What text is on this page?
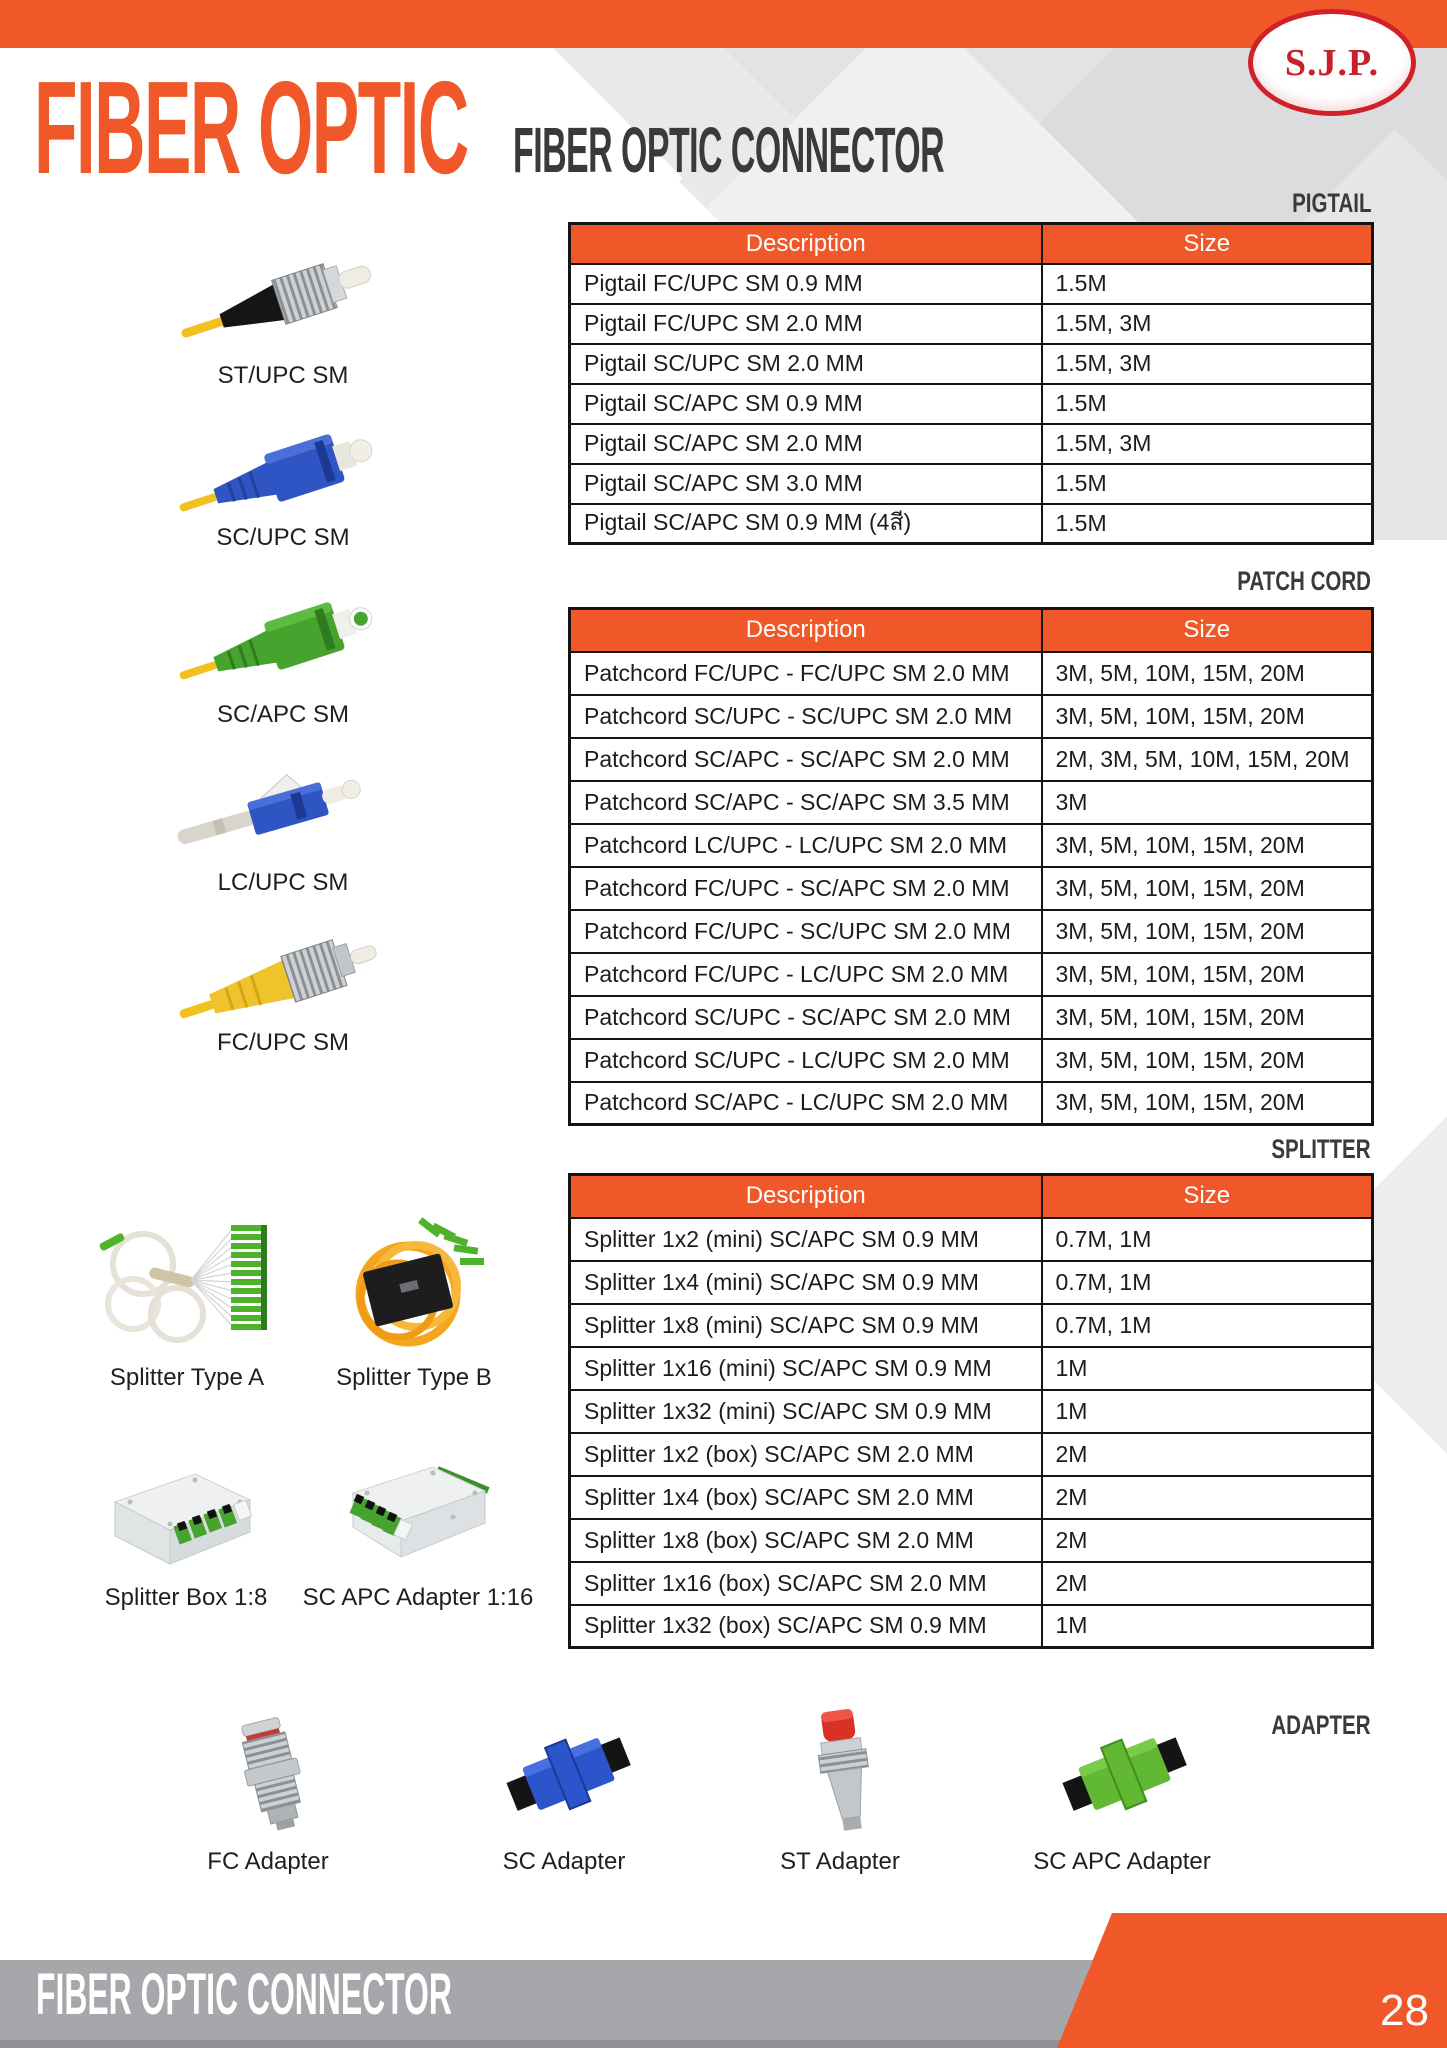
S.J.P.
FIBER OPTIC FIBER OPTIC CONNECTOR
PIGTAIL
PATCH CORD
SPLITTER
ADAPTER
Description	Size
Pigtail FC/UPC SM 0.9 MM	1.5M
Pigtail FC/UPC SM 2.0 MM	1.5M, 3M
Pigtail SC/UPC SM 2.0 MM	1.5M, 3M
Pigtail SC/APC SM 0.9 MM	1.5M
Pigtail SC/APC SM 2.0 MM	1.5M, 3M
Pigtail SC/APC SM 3.0 MM	1.5M
Pigtail SC/APC SM 0.9 MM (4สี)	1.5M
Description	Size
Patchcord FC/UPC - FC/UPC SM 2.0 MM	3M, 5M, 10M, 15M, 20M
Patchcord SC/UPC - SC/UPC SM 2.0 MM	3M, 5M, 10M, 15M, 20M
Patchcord SC/APC - SC/APC SM 2.0 MM	2M, 3M, 5M, 10M, 15M, 20M
Patchcord SC/APC - SC/APC SM 3.5 MM	3M
Patchcord LC/UPC - LC/UPC SM 2.0 MM	3M, 5M, 10M, 15M, 20M
Patchcord FC/UPC - SC/APC SM 2.0 MM	3M, 5M, 10M, 15M, 20M
Patchcord FC/UPC - SC/UPC SM 2.0 MM	3M, 5M, 10M, 15M, 20M
Patchcord FC/UPC - LC/UPC SM 2.0 MM	3M, 5M, 10M, 15M, 20M
Patchcord SC/UPC - SC/APC SM 2.0 MM	3M, 5M, 10M, 15M, 20M
Patchcord SC/UPC - LC/UPC SM 2.0 MM	3M, 5M, 10M, 15M, 20M
Patchcord SC/APC - LC/UPC SM 2.0 MM	3M, 5M, 10M, 15M, 20M
Description	Size
Splitter 1x2 (mini) SC/APC SM 0.9 MM	0.7M, 1M
Splitter 1x4 (mini) SC/APC SM 0.9 MM	0.7M, 1M
Splitter 1x8 (mini) SC/APC SM 0.9 MM	0.7M, 1M
Splitter 1x16 (mini) SC/APC SM 0.9 MM	1M
Splitter 1x32 (mini) SC/APC SM 0.9 MM	1M
Splitter 1x2 (box) SC/APC SM 2.0 MM	2M
Splitter 1x4 (box) SC/APC SM 2.0 MM	2M
Splitter 1x8 (box) SC/APC SM 2.0 MM	2M
Splitter 1x16 (box) SC/APC SM 2.0 MM	2M
Splitter 1x32 (box) SC/APC SM 0.9 MM	1M
ST/UPC SM
SC/UPC SM
SC/APC SM
LC/UPC SM
FC/UPC SM
Splitter Type A	Splitter Type B
Splitter Box 1:8	SC APC Adapter 1:16
FC Adapter	SC Adapter	ST Adapter	SC APC Adapter
FIBER OPTIC CONNECTOR	28
